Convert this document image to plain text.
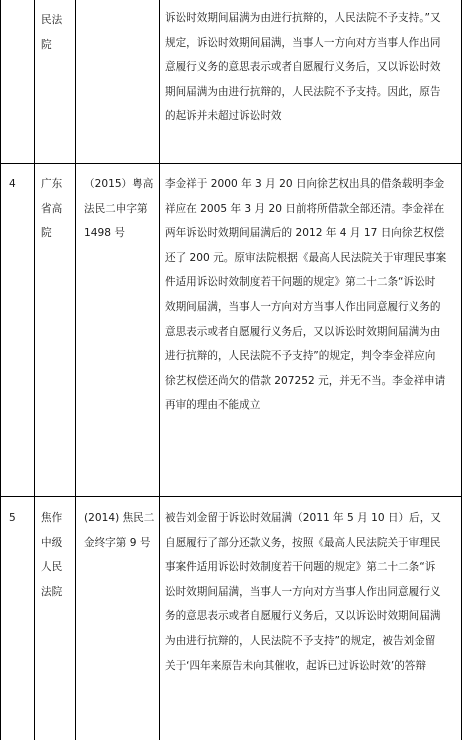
民法
院
诉讼时效期间届满为由进行抗辩的，人民法院不予支持。”又
规定，诉讼时效期间届满，当事人一方向对方当事人作出同
意履行义务的意思表示或者自愿履行义务后，又以诉讼时效
期间届满为由进行抗辩的，人民法院不予支持。因此，原告
的起诉并未超过诉讼时效
4	广东
省高
院
（2015）粤高
法民二申字第
1498 号
李金祥于 2000 年 3 月 20 日向徐艺权出具的借条载明李金
祥应在 2005 年 3 月 20 日前将所借款全部还清。李金祥在
两年诉讼时效期间届满后的 2012 年 4 月 17 日向徐艺权偿
还了 200 元。原审法院根据《最高人民法院关于审理民事案
件适用诉讼时效制度若干问题的规定》第二十二条“诉讼时
效期间届满，当事人一方向对方当事人作出同意履行义务的
意思表示或者自愿履行义务后，又以诉讼时效期间届满为由
进行抗辩的，人民法院不予支持”的规定，判令李金祥应向
徐艺权偿还尚欠的借款 207252 元，并无不当。李金祥申请
再审的理由不能成立
5	焦作
中级
人民
法院
(2014) 焦民二
金终字第 9 号
被告刘金留于诉讼时效届满（2011 年 5 月 10 日）后，又
自愿履行了部分还款义务，按照《最高人民法院关于审理民
事案件适用诉讼时效制度若干问题的规定》第二十二条“诉
讼时效期间届满，当事人一方向对方当事人作出同意履行义
务的意思表示或者自愿履行义务后，又以诉讼时效期间届满
为由进行抗辩的，人民法院不予支持”的规定，被告刘金留
关于‘四年来原告未向其催收，起诉已过诉讼时效’的答辩
